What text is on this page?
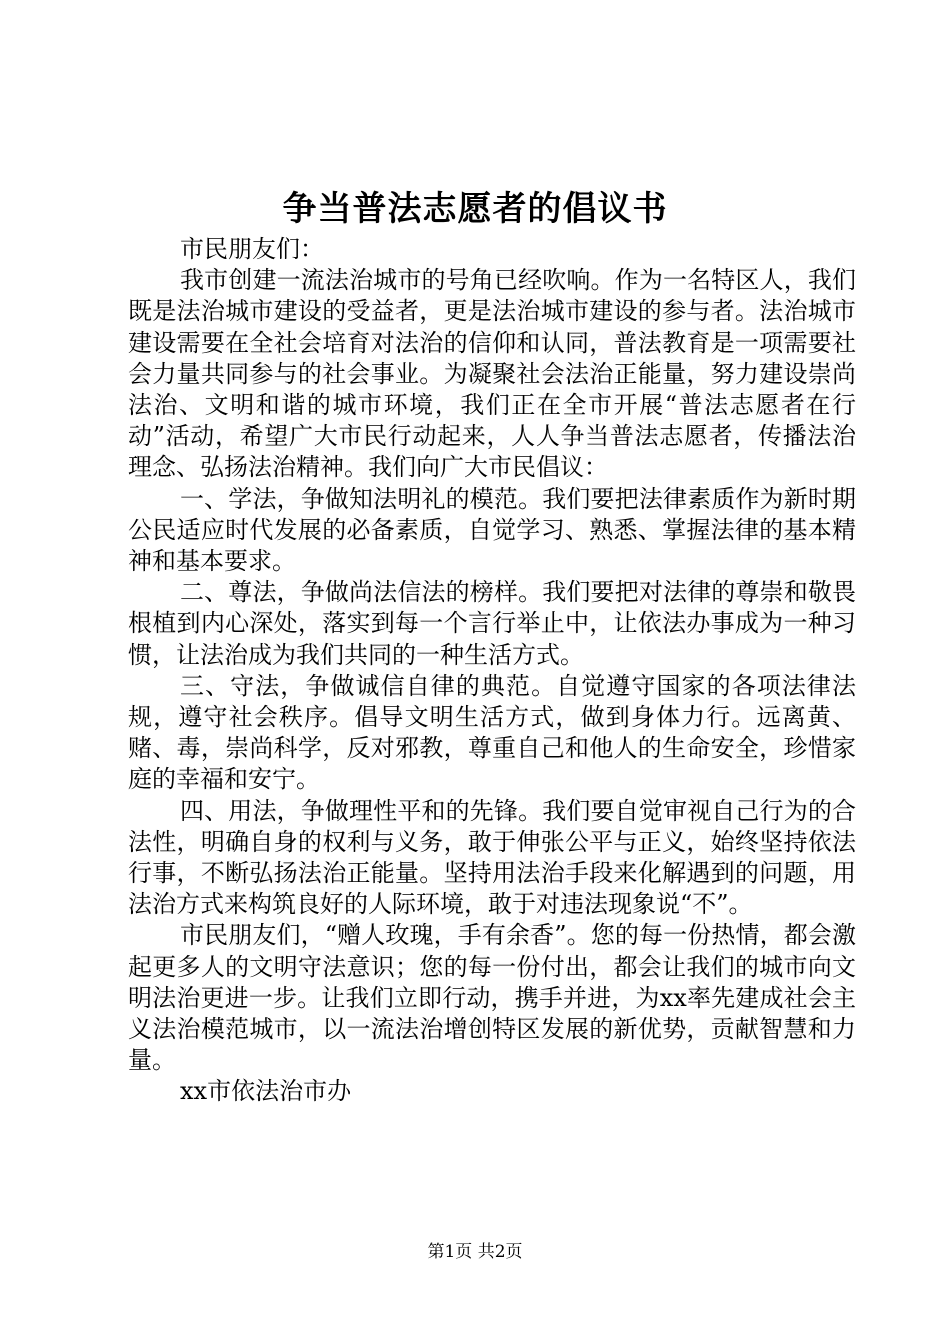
争当普法志愿者的倡议书

市民朋友们：

我市创建一流法治城市的号角已经吹响。作为一名特区人，我们既是法治城市建设的受益者，更是法治城市建设的参与者。法治城市建设需要在全社会培育对法治的信仰和认同，普法教育是一项需要社会力量共同参与的社会事业。为凝聚社会法治正能量，努力建设崇尚法治、文明和谐的城市环境，我们正在全市开展“普法志愿者在行动”活动，希望广大市民行动起来，人人争当普法志愿者，传播法治理念、弘扬法治精神。我们向广大市民倡议：

一、学法，争做知法明礼的模范。我们要把法律素质作为新时期公民适应时代发展的必备素质，自觉学习、熟悉、掌握法律的基本精神和基本要求。

二、尊法，争做尚法信法的榜样。我们要把对法律的尊崇和敬畏根植到内心深处，落实到每一个言行举止中，让依法办事成为一种习惯，让法治成为我们共同的一种生活方式。

三、守法，争做诚信自律的典范。自觉遵守国家的各项法律法规，遵守社会秩序。倡导文明生活方式，做到身体力行。远离黄、赌、毒，崇尚科学，反对邪教，尊重自己和他人的生命安全，珍惜家庭的幸福和安宁。

四、用法，争做理性平和的先锋。我们要自觉审视自己行为的合法性，明确自身的权利与义务，敢于伸张公平与正义，始终坚持依法行事，不断弘扬法治正能量。坚持用法治手段来化解遇到的问题，用法治方式来构筑良好的人际环境，敢于对违法现象说“不”。

市民朋友们，“赠人玫瑰，手有余香”。您的每一份热情，都会激起更多人的文明守法意识；您的每一份付出，都会让我们的城市向文明法治更进一步。让我们立即行动，携手并进，为xx率先建成社会主义法治模范城市，以一流法治增创特区发展的新优势，贡献智慧和力量。

xx市依法治市办

第1页 共2页
